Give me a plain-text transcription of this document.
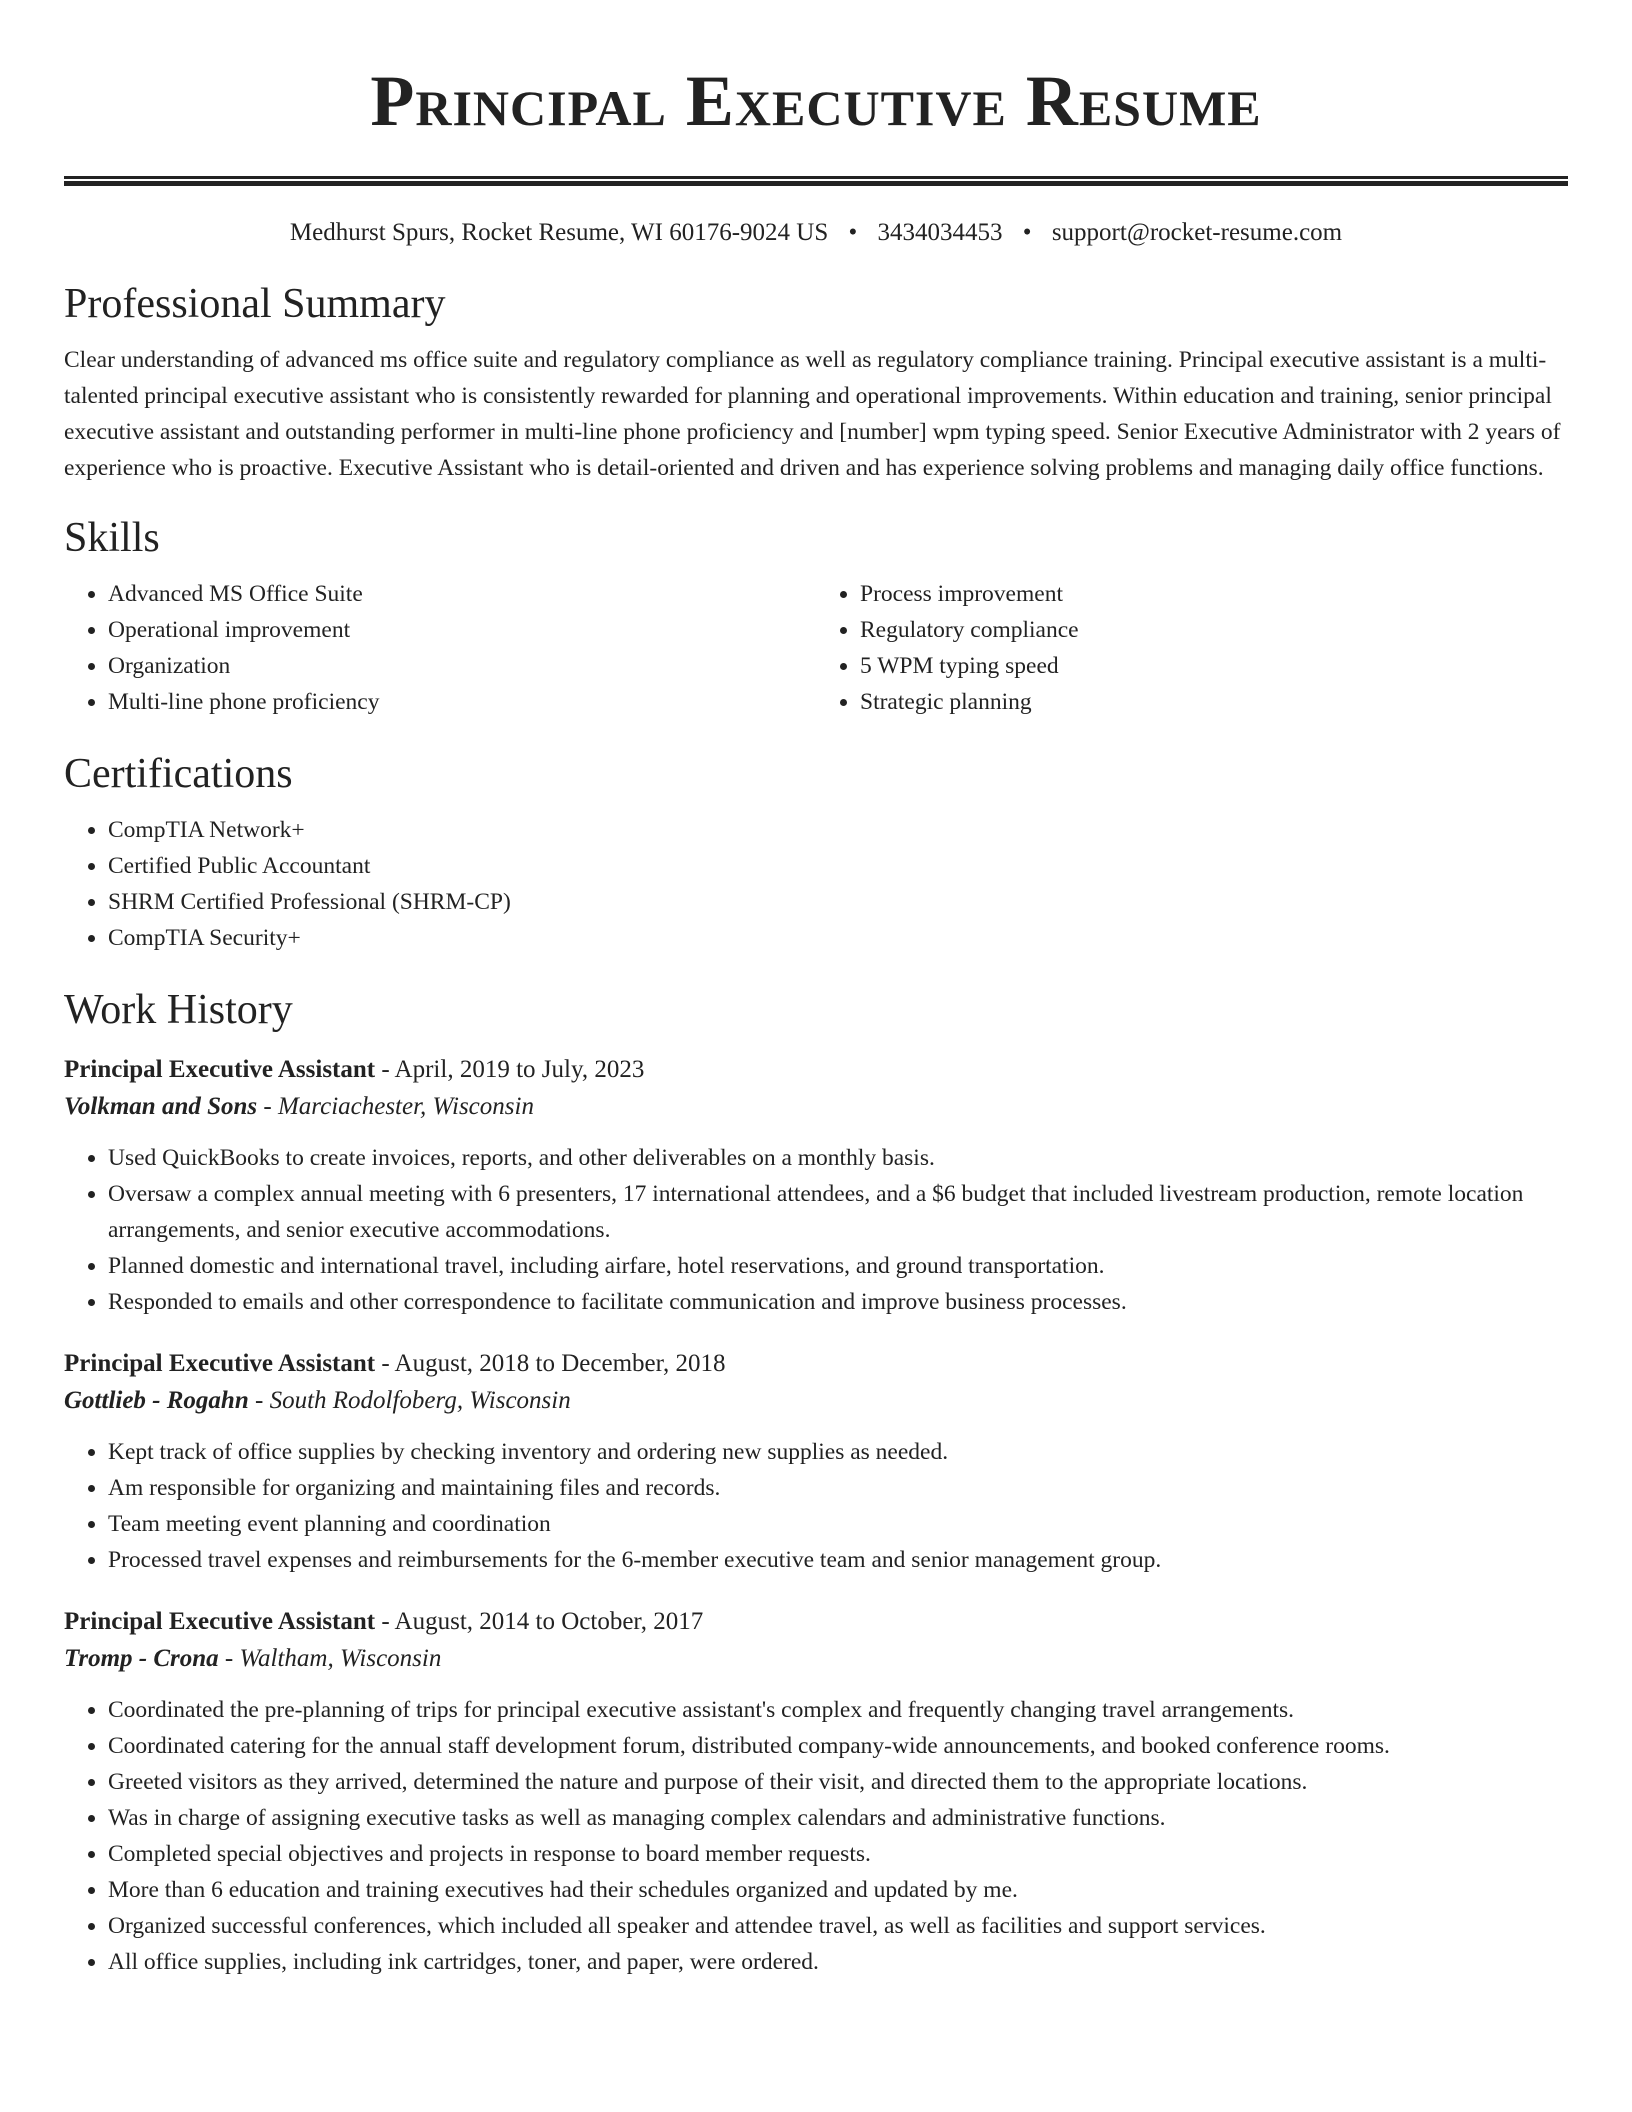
Principal Executive Resume
Medhurst Spurs, Rocket Resume, WI 60176-9024 US • 3434034453 • support@rocket-resume.com
Professional Summary

Clear understanding of advanced ms office suite and regulatory compliance as well as regulatory compliance training. Principal executive assistant is a multi-talented principal executive assistant who is consistently rewarded for planning and operational improvements. Within education and training, senior principal executive assistant and outstanding performer in multi-line phone proficiency and [number] wpm typing speed. Senior Executive Administrator with 2 years of experience who is proactive. Executive Assistant who is detail-oriented and driven and has experience solving problems and managing daily office functions.

Skills
• Advanced MS Office Suite
• Operational improvement
• Organization
• Multi-line phone proficiency
• Process improvement
• Regulatory compliance
• 5 WPM typing speed
• Strategic planning
Certifications
• CompTIA Network+
• Certified Public Accountant
• SHRM Certified Professional (SHRM-CP)
• CompTIA Security+
Work History
Principal Executive Assistant - April, 2019 to July, 2023
Volkman and Sons - Marciachester, Wisconsin
• Used QuickBooks to create invoices, reports, and other deliverables on a monthly basis.
• Oversaw a complex annual meeting with 6 presenters, 17 international attendees, and a $6 budget that included livestream production, remote location arrangements, and senior executive accommodations.
• Planned domestic and international travel, including airfare, hotel reservations, and ground transportation.
• Responded to emails and other correspondence to facilitate communication and improve business processes.
Principal Executive Assistant - August, 2018 to December, 2018
Gottlieb - Rogahn - South Rodolfoberg, Wisconsin
• Kept track of office supplies by checking inventory and ordering new supplies as needed.
• Am responsible for organizing and maintaining files and records.
• Team meeting event planning and coordination
• Processed travel expenses and reimbursements for the 6-member executive team and senior management group.
Principal Executive Assistant - August, 2014 to October, 2017
Tromp - Crona - Waltham, Wisconsin
• Coordinated the pre-planning of trips for principal executive assistant's complex and frequently changing travel arrangements.
• Coordinated catering for the annual staff development forum, distributed company-wide announcements, and booked conference rooms.
• Greeted visitors as they arrived, determined the nature and purpose of their visit, and directed them to the appropriate locations.
• Was in charge of assigning executive tasks as well as managing complex calendars and administrative functions.
• Completed special objectives and projects in response to board member requests.
• More than 6 education and training executives had their schedules organized and updated by me.
• Organized successful conferences, which included all speaker and attendee travel, as well as facilities and support services.
• All office supplies, including ink cartridges, toner, and paper, were ordered.
